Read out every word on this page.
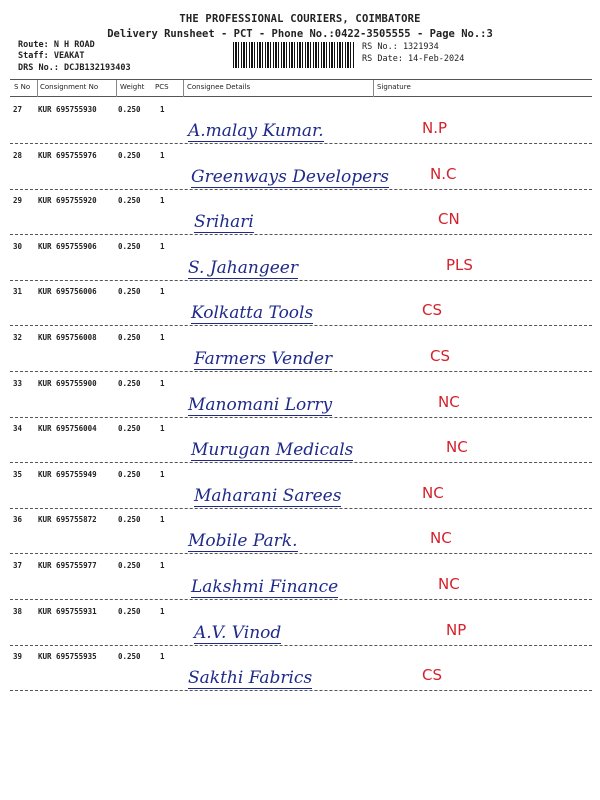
THE PROFESSIONAL COURIERS, COIMBATORE
Delivery Runsheet - PCT - Phone No.:0422-3505555 - Page No.:3
Route: N H ROAD
Staff: VEAKAT
DRS No.: DCJB132193403
RS No.: 1321934
RS Date: 14-Feb-2024
S No Consignment No	Weight PCS	Consignee Details	Signature
27 KUR 695755930	0.250	1
A.malay Kumar.	N.P
28 KUR 695755976	0.250	1
Greenways Developers	N.C
29 KUR 695755920	0.250	1
Srihari	CN
30 KUR 695755906	0.250	1
S. Jahangeer	PLS
31 KUR 695756006	0.250	1
Kolkatta Tools	CS
32 KUR 695756008	0.250	1
Farmers Vender	CS
33 KUR 695755900	0.250	1
Manomani Lorry	NC
34 KUR 695756004	0.250	1
Murugan Medicals	NC
35 KUR 695755949	0.250	1
Maharani Sarees	NC
36 KUR 695755872	0.250	1
Mobile Park.	NC
37 KUR 695755977	0.250	1
Lakshmi Finance	NC
38 KUR 695755931	0.250	1
A.V. Vinod	NP
39 KUR 695755935	0.250	1
Sakthi Fabrics	CS
